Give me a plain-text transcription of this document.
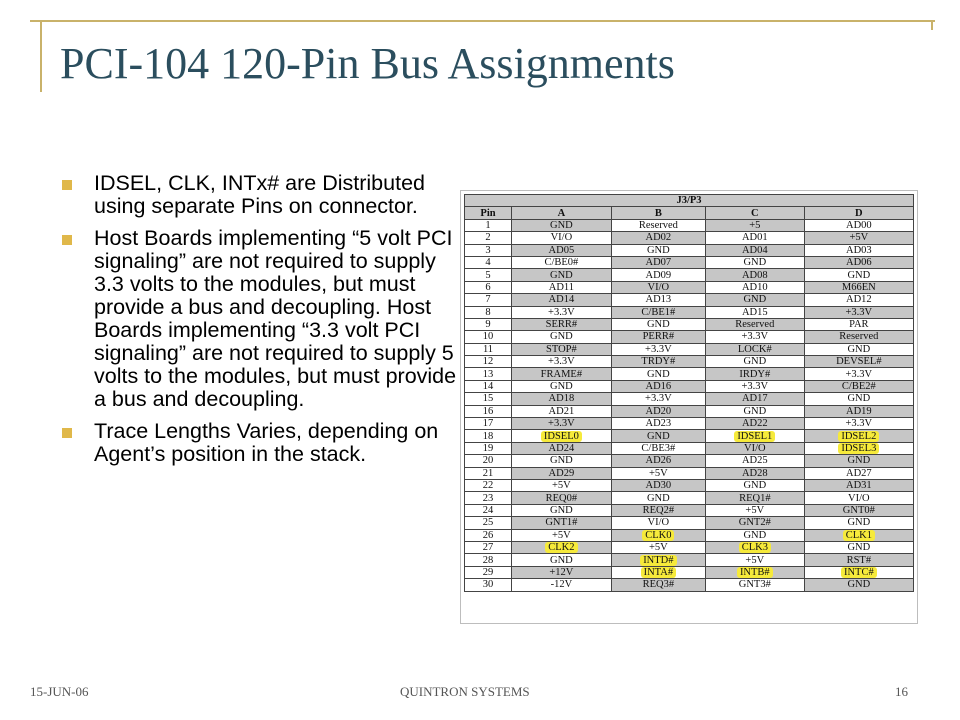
PCI-104 120-Pin Bus Assignments
IDSEL, CLK, INTx# are Distributed using separate Pins on connector.
Host Boards implementing “5 volt PCI signaling” are not required to supply 3.3 volts to the modules, but must provide a bus and decoupling. Host Boards implementing “3.3 volt PCI signaling” are not required to supply 5 volts to the modules, but must provide a bus and decoupling.
Trace Lengths Varies, depending on Agent’s position in the stack.
J3/P3				
Pin	A	B	C	D
1	GND	Reserved	+5	AD00
2	VI/O	AD02	AD01	+5V
3	AD05	GND	AD04	AD03
4	C/BE0#	AD07	GND	AD06
5	GND	AD09	AD08	GND
6	AD11	VI/O	AD10	M66EN
7	AD14	AD13	GND	AD12
8	+3.3V	C/BE1#	AD15	+3.3V
9	SERR#	GND	Reserved	PAR
10	GND	PERR#	+3.3V	Reserved
11	STOP#	+3.3V	LOCK#	GND
12	+3.3V	TRDY#	GND	DEVSEL#
13	FRAME#	GND	IRDY#	+3.3V
14	GND	AD16	+3.3V	C/BE2#
15	AD18	+3.3V	AD17	GND
16	AD21	AD20	GND	AD19
17	+3.3V	AD23	AD22	+3.3V
18	IDSEL0	GND	IDSEL1	IDSEL2
19	AD24	C/BE3#	VI/O	IDSEL3
20	GND	AD26	AD25	GND
21	AD29	+5V	AD28	AD27
22	+5V	AD30	GND	AD31
23	REQ0#	GND	REQ1#	VI/O
24	GND	REQ2#	+5V	GNT0#
25	GNT1#	VI/O	GNT2#	GND
26	+5V	CLK0	GND	CLK1
27	CLK2	+5V	CLK3	GND
28	GND	INTD#	+5V	RST#
29	+12V	INTA#	INTB#	INTC#
30	-12V	REQ3#	GNT3#	GND
15-JUN-06	QUINTRON SYSTEMS	16
